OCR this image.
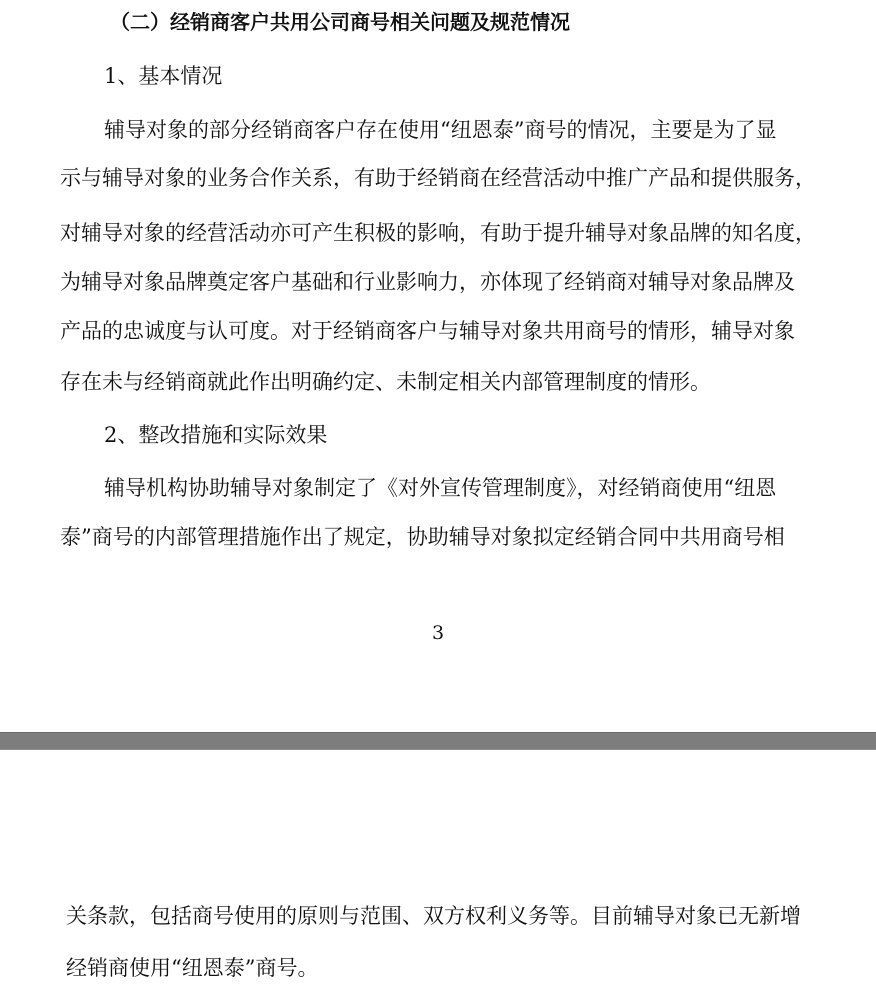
（二）经销商客户共用公司商号相关问题及规范情况
1、基本情况
辅导对象的部分经销商客户存在使用“纽恩泰”商号的情况，主要是为了显
示与辅导对象的业务合作关系，有助于经销商在经营活动中推广产品和提供服务，
对辅导对象的经营活动亦可产生积极的影响，有助于提升辅导对象品牌的知名度，
为辅导对象品牌奠定客户基础和行业影响力，亦体现了经销商对辅导对象品牌及
产品的忠诚度与认可度。对于经销商客户与辅导对象共用商号的情形，辅导对象
存在未与经销商就此作出明确约定、未制定相关内部管理制度的情形。
2、整改措施和实际效果
辅导机构协助辅导对象制定了《对外宣传管理制度》，对经销商使用“纽恩
泰”商号的内部管理措施作出了规定，协助辅导对象拟定经销合同中共用商号相
3
关条款，包括商号使用的原则与范围、双方权利义务等。目前辅导对象已无新增
经销商使用“纽恩泰”商号。
